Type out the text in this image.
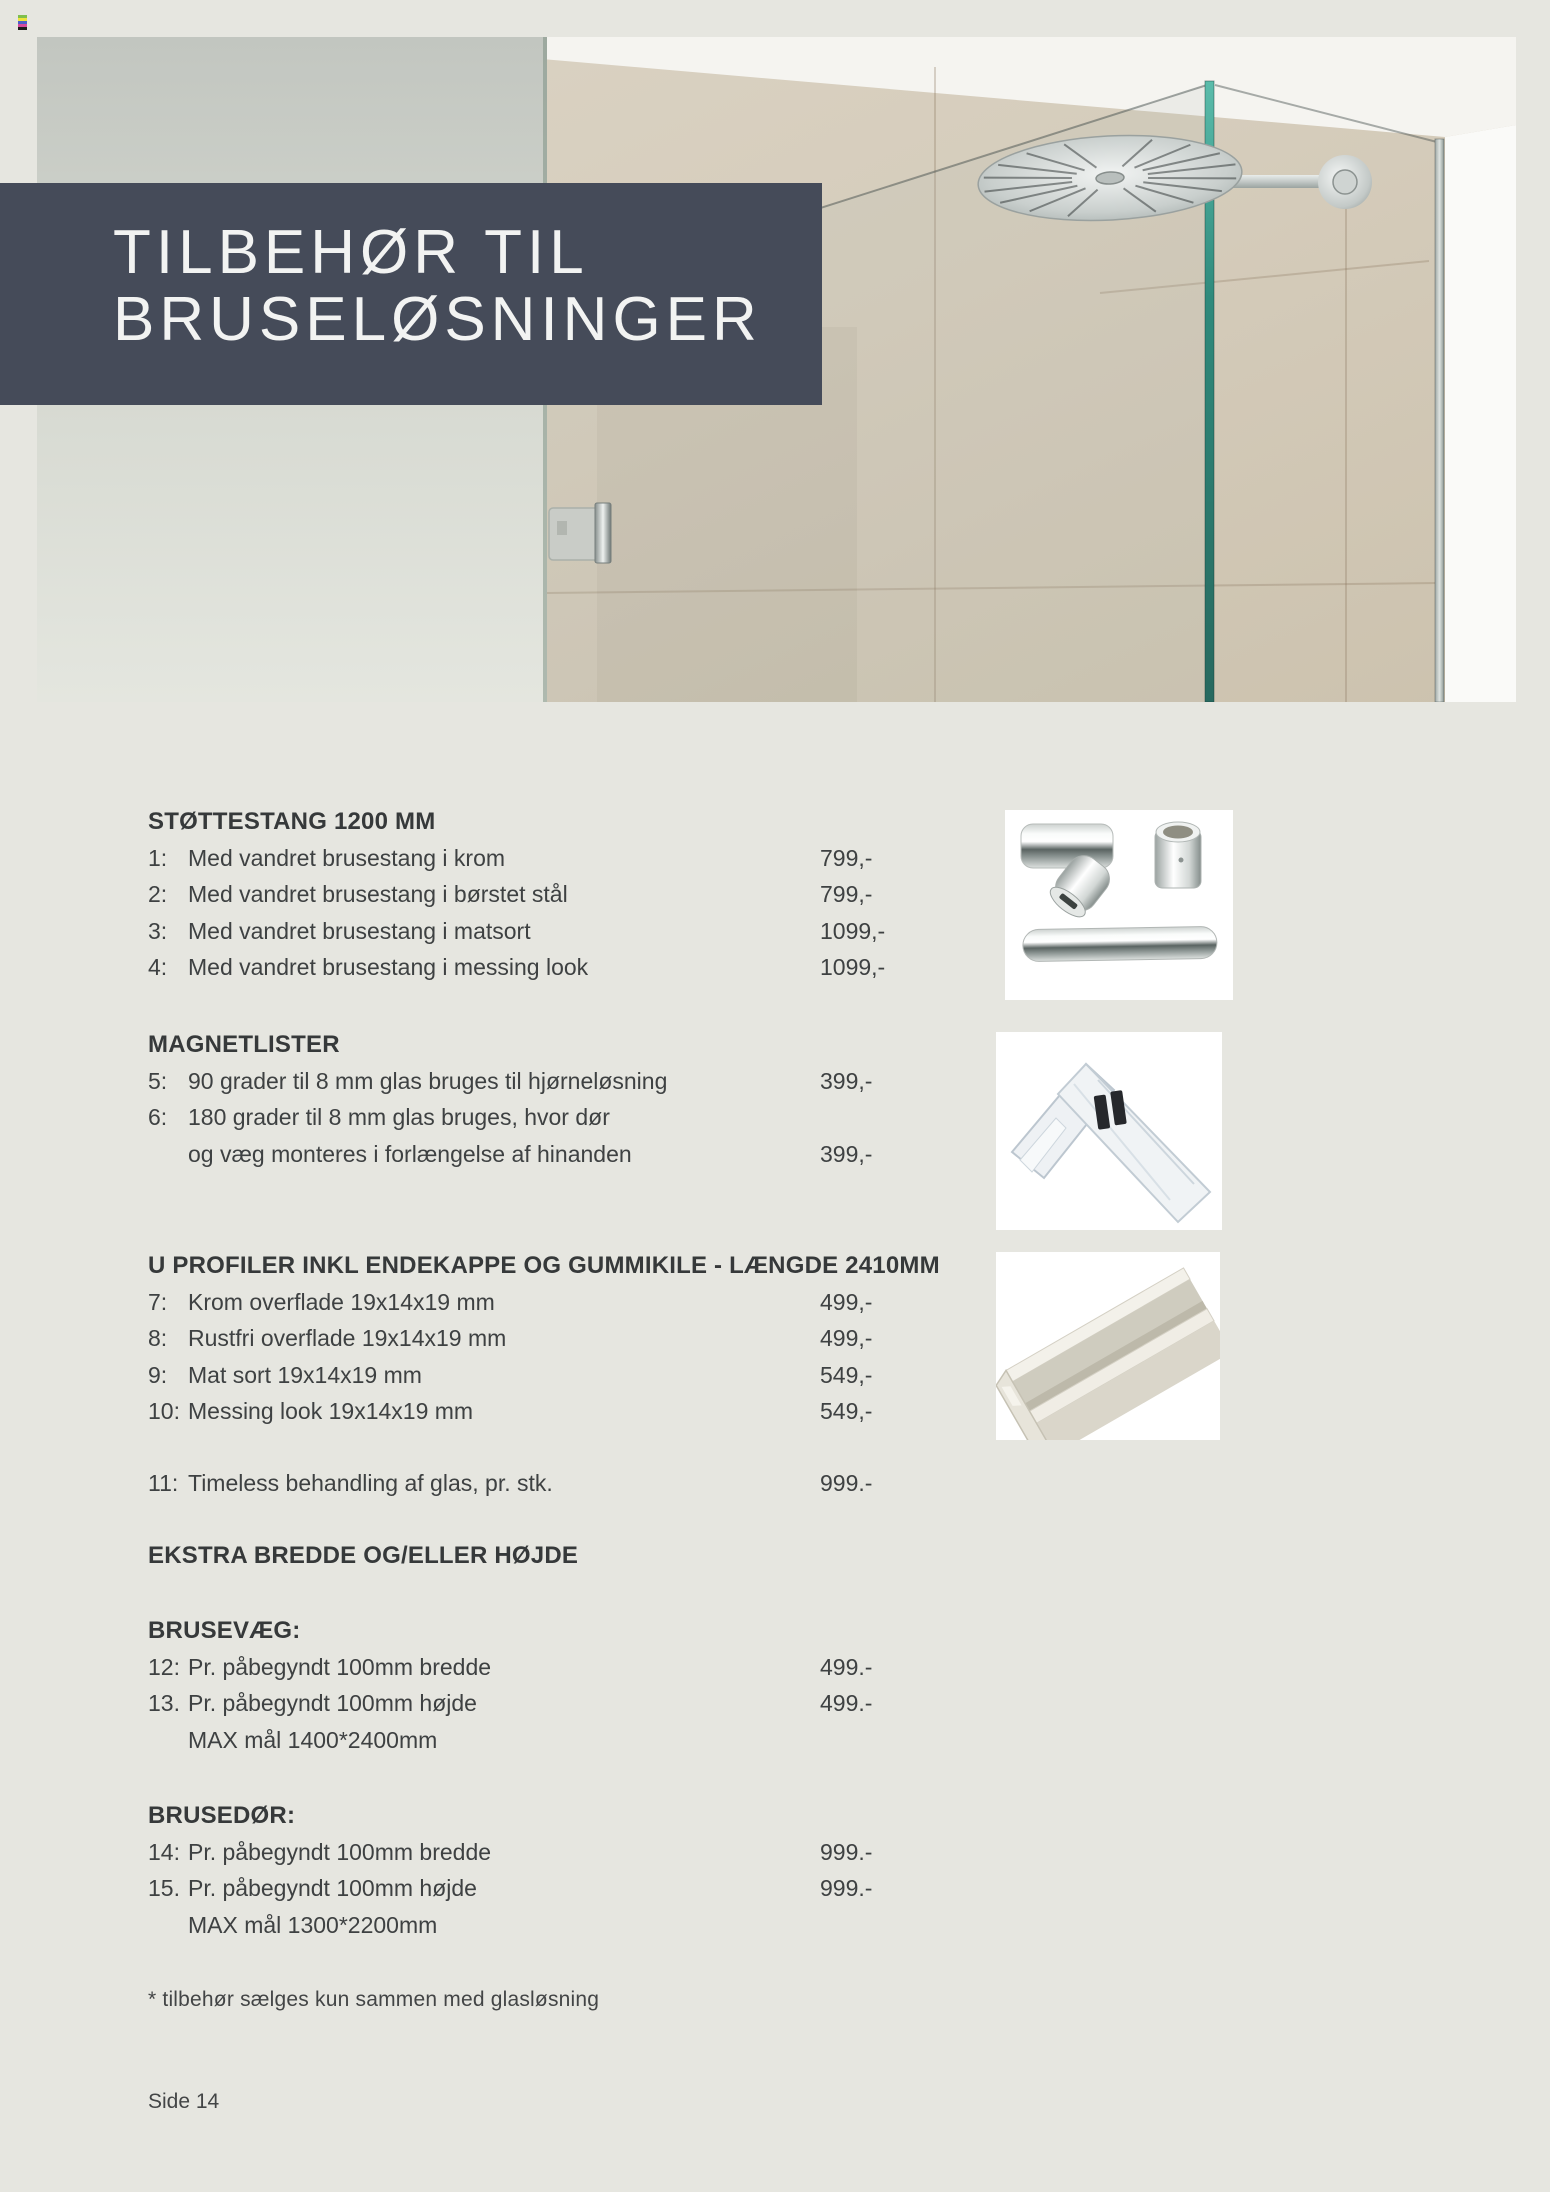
TILBEHØR TIL
BRUSELØSNINGER
STØTTESTANG 1200 MM
1: Med vandret brusestang i krom	799,-
2: Med vandret brusestang i børstet stål	799,-
3: Med vandret brusestang i matsort	1099,-
4: Med vandret brusestang i messing look	1099,-
MAGNETLISTER
5: 90 grader til 8 mm glas bruges til hjørneløsning	399,-
6: 180 grader til 8 mm glas bruges, hvor dør
og væg monteres i forlængelse af hinanden	399,-
U PROFILER INKL ENDEKAPPE OG GUMMIKILE - LÆNGDE 2410MM
7: Krom overflade 19x14x19 mm	499,-
8: Rustfri overflade 19x14x19 mm	499,-
9: Mat sort 19x14x19 mm	549,-
10: Messing look 19x14x19 mm	549,-
11: Timeless behandling af glas, pr. stk.	999.-
EKSTRA BREDDE OG/ELLER HØJDE
BRUSEVÆG:
12: Pr. påbegyndt 100mm bredde	499.-
13. Pr. påbegyndt 100mm højde	499.-
MAX mål 1400*2400mm
BRUSEDØR:
14: Pr. påbegyndt 100mm bredde	999.-
15. Pr. påbegyndt 100mm højde	999.-
MAX mål 1300*2200mm
* tilbehør sælges kun sammen med glasløsning
Side 14
